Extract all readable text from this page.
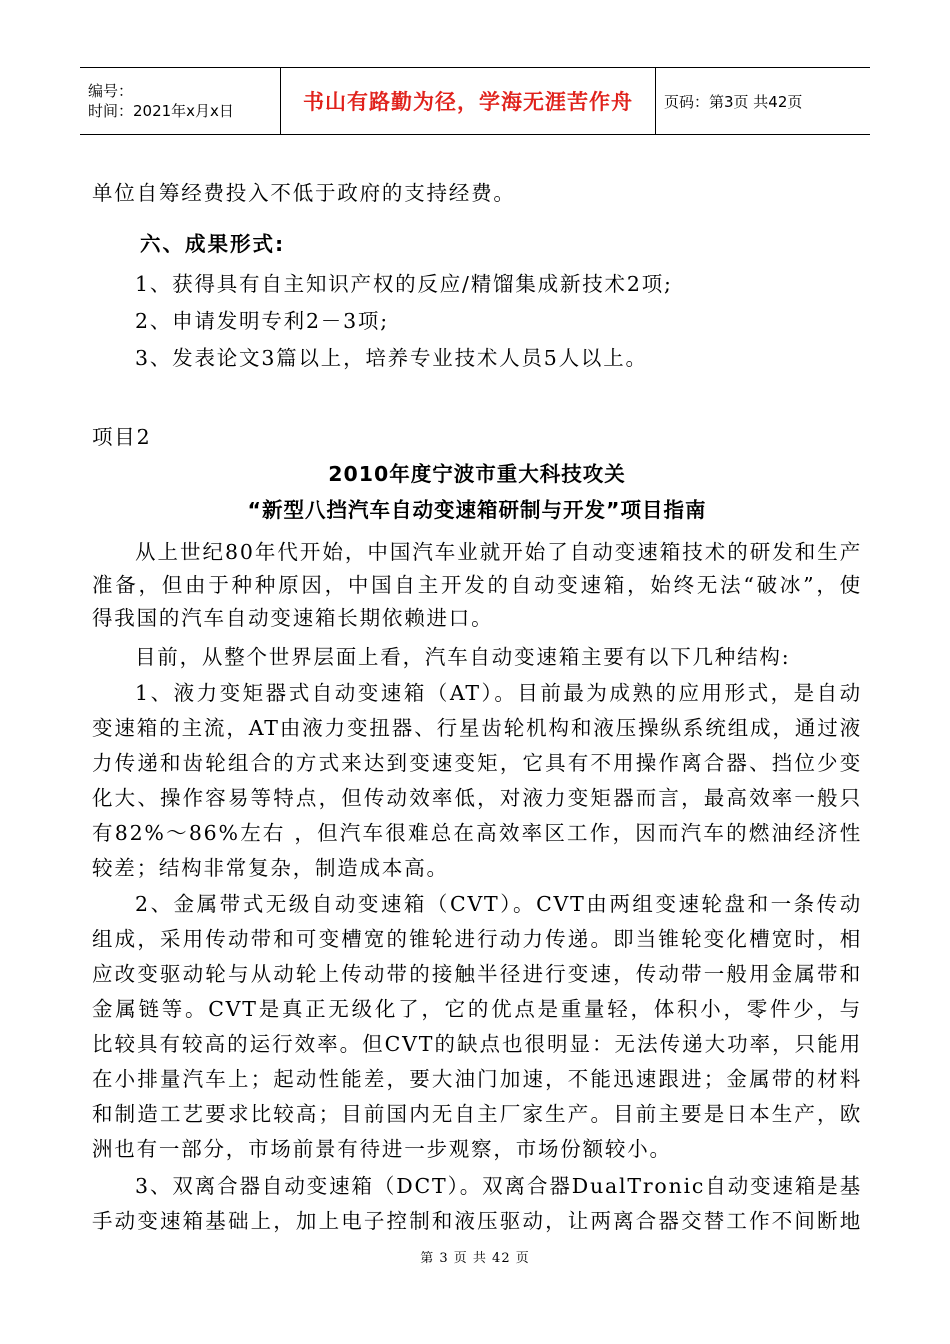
编号：
时间：2021年x月x日	书山有路勤为径，学海无涯苦作舟 页码：第3页 共42页
单位自筹经费投入不低于政府的支持经费。
六、成果形式:
1、获得具有自主知识产权的反应/精馏集成新技术2项;
2、申请发明专利2－3项;
3、发表论文3篇以上，培养专业技术人员5人以上。
项目2
2010年度宁波市重大科技攻关
“新型八挡汽车自动变速箱研制与开发”项目指南
从上世纪80年代开始，中国汽车业就开始了自动变速箱技术的研发和生产
准备，但由于种种原因，中国自主开发的自动变速箱，始终无法“破冰”，使
得我国的汽车自动变速箱长期依赖进口。
目前，从整个世界层面上看，汽车自动变速箱主要有以下几种结构:
1、液力变矩器式自动变速箱（AT）。目前最为成熟的应用形式，是自动
变速箱的主流，AT由液力变扭器、行星齿轮机构和液压操纵系统组成，通过液
力传递和齿轮组合的方式来达到变速变矩，它具有不用操作离合器、挡位少变
化大、操作容易等特点，但传动效率低，对液力变矩器而言，最高效率一般只
有82%～86%左右 ，但汽车很难总在高效率区工作，因而汽车的燃油经济性
较差；结构非常复杂，制造成本高。
2、金属带式无级自动变速箱（CVT）。CVT由两组变速轮盘和一条传动
组成，采用传动带和可变槽宽的锥轮进行动力传递。即当锥轮变化槽宽时，相
应改变驱动轮与从动轮上传动带的接触半径进行变速，传动带一般用金属带和
金属链等。CVT是真正无级化了，它的优点是重量轻，体积小，零件少，与
比较具有较高的运行效率。但CVT的缺点也很明显：无法传递大功率，只能用
在小排量汽车上；起动性能差，要大油门加速，不能迅速跟进；金属带的材料
和制造工艺要求比较高；目前国内无自主厂家生产。目前主要是日本生产，欧
洲也有一部分，市场前景有待进一步观察，市场份额较小。
3、双离合器自动变速箱（DCT）。双离合器DualTronic自动变速箱是基
手动变速箱基础上，加上电子控制和液压驱动，让两离合器交替工作不间断地
第 3 页 共 42 页
